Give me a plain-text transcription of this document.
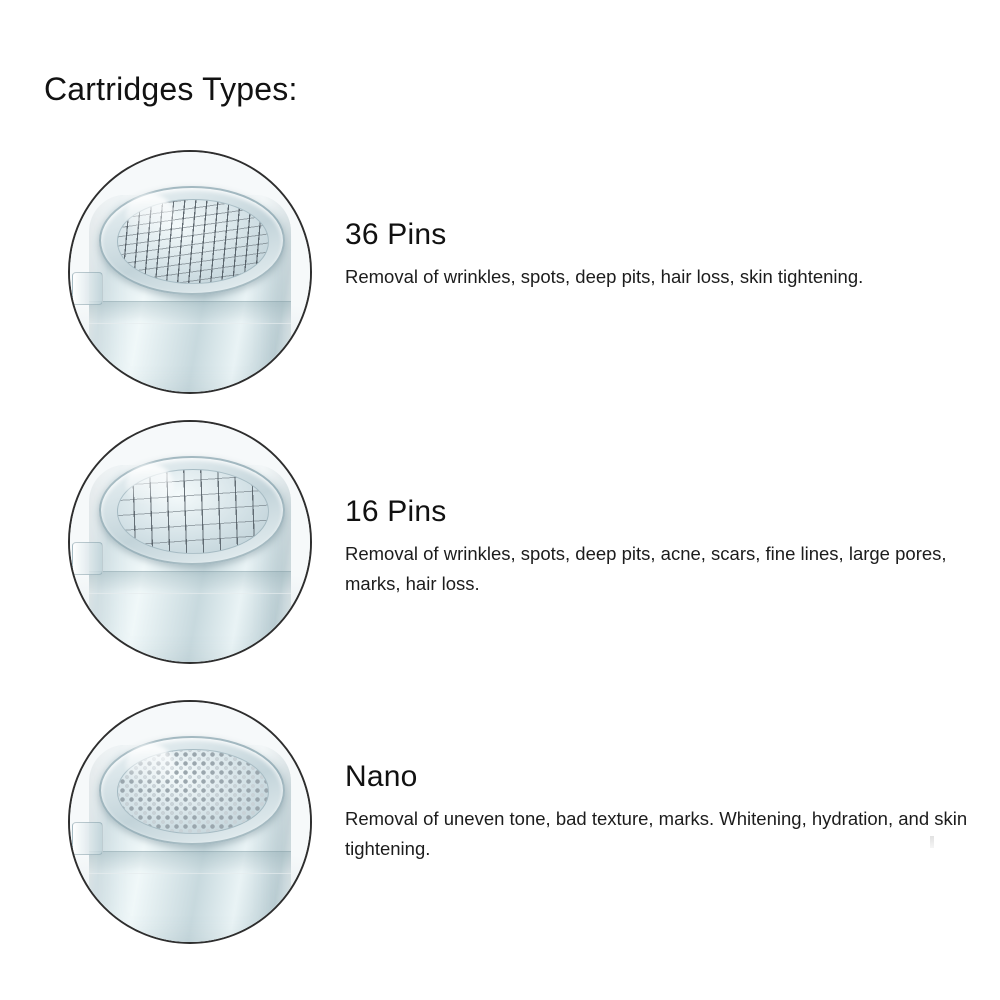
Cartridges Types:

36 Pins

Removal of wrinkles, spots, deep pits, hair loss, skin tightening.

16 Pins

Removal of wrinkles, spots, deep pits, acne, scars, fine lines, large pores, marks, hair loss.

Nano

Removal of uneven tone, bad texture, marks. Whitening, hydration, and skin tightening.
